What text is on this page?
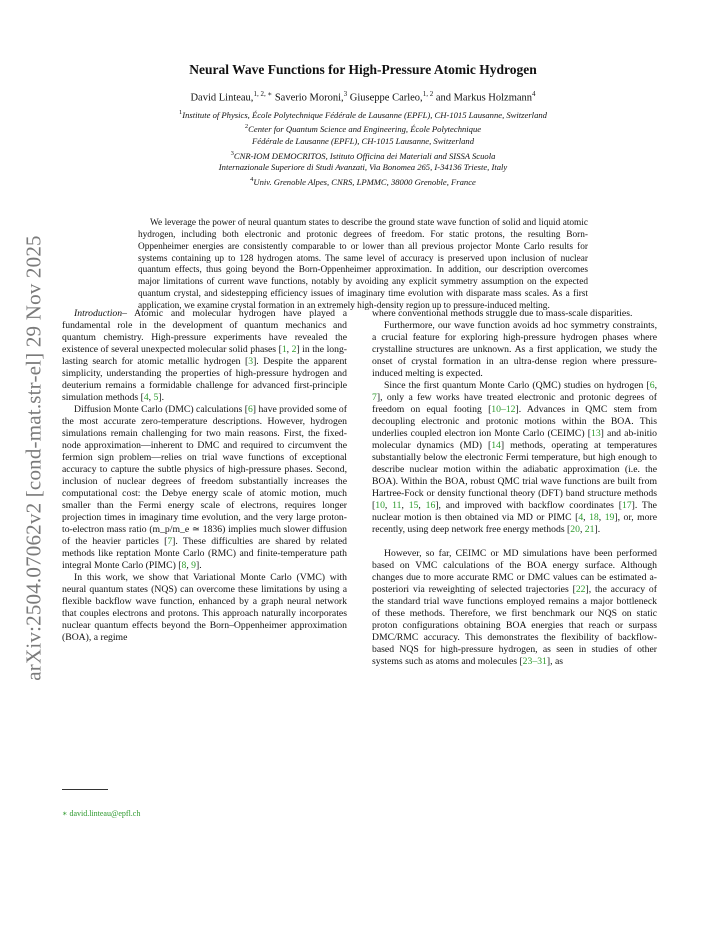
arXiv:2504.07062v2 [cond-mat.str-el] 29 Nov 2025
Neural Wave Functions for High-Pressure Atomic Hydrogen
David Linteau,$^{1, 2, ∗}$ Saverio Moroni,$^3$ Giuseppe Carleo,$^{1, 2}$ and Markus Holzmann$^4$
$^1$Institute of Physics, École Polytechnique Fédérale de Lausanne (EPFL), CH-1015 Lausanne, Switzerland
$^2$Center for Quantum Science and Engineering, École Polytechnique
Fédérale de Lausanne (EPFL), CH-1015 Lausanne, Switzerland
$^3$CNR-IOM DEMOCRITOS, Istituto Officina dei Materiali and SISSA Scuola
Internazionale Superiore di Studi Avanzati, Via Bonomea 265, I-34136 Trieste, Italy
$^4$Univ. Grenoble Alpes, CNRS, LPMMC, 38000 Grenoble, France
We leverage the power of neural quantum states to describe the ground state wave function of solid and liquid atomic hydrogen, including both electronic and protonic degrees of freedom. For static protons, the resulting Born-Oppenheimer energies are consistently comparable to or lower than all previous projector Monte Carlo results for systems containing up to 128 hydrogen atoms. The same level of accuracy is preserved upon inclusion of nuclear quantum effects, thus going beyond the Born-Oppenheimer approximation. In addition, our description overcomes major limitations of current wave functions, notably by avoiding any explicit symmetry assumption on the expected quantum crystal, and sidestepping efficiency issues of imaginary time evolution with disparate mass scales. As a first application, we examine crystal formation in an extremely high-density region up to pressure-induced melting.

Introduction– Atomic and molecular hydrogen have played a fundamental role in the development of quantum mechanics and quantum chemistry. High-pressure experiments have revealed the existence of several unexpected molecular solid phases [1, 2] in the long-lasting search for atomic metallic hydrogen [3]. Despite the apparent simplicity, understanding the properties of high-pressure hydrogen and deuterium remains a formidable challenge for advanced first-principle simulation methods [4, 5].

Diffusion Monte Carlo (DMC) calculations [6] have provided some of the most accurate zero-temperature descriptions. However, hydrogen simulations remain challenging for two main reasons. First, the fixed-node approximation—inherent to DMC and required to circumvent the fermion sign problem—relies on trial wave functions of exceptional accuracy to capture the subtle physics of high-pressure phases. Second, inclusion of nuclear degrees of freedom substantially increases the computational cost: the Debye energy scale of atomic motion, much smaller than the Fermi energy scale of electrons, requires longer projection times in imaginary time evolution, and the very large proton-to-electron mass ratio (m_p/m_e ≃ 1836) implies much slower diffusion of the heavier particles [7]. These difficulties are shared by related methods like reptation Monte Carlo (RMC) and finite-temperature path integral Monte Carlo (PIMC) [8, 9].

In this work, we show that Variational Monte Carlo (VMC) with neural quantum states (NQS) can overcome these limitations by using a flexible backflow wave function, enhanced by a graph neural network that couples electrons and protons. This approach naturally incorporates nuclear quantum effects beyond the Born–Oppenheimer approximation (BOA), a regime

where conventional methods struggle due to mass-scale disparities.

Furthermore, our wave function avoids ad hoc symmetry constraints, a crucial feature for exploring high-pressure hydrogen phases where crystalline structures are unknown. As a first application, we study the onset of crystal formation in an ultra-dense region where pressure-induced melting is expected.

Since the first quantum Monte Carlo (QMC) studies on hydrogen [6, 7], only a few works have treated electronic and protonic degrees of freedom on equal footing [10–12]. Advances in QMC stem from decoupling electronic and protonic motions within the BOA. This underlies coupled electron ion Monte Carlo (CEIMC) [13] and ab-initio molecular dynamics (MD) [14] methods, operating at temperatures substantially below the electronic Fermi temperature, but high enough to describe nuclear motion within the adiabatic approximation (i.e. the BOA). Within the BOA, robust QMC trial wave functions are built from Hartree-Fock or density functional theory (DFT) band structure methods [10, 11, 15, 16], and improved with backflow coordinates [17]. The nuclear motion is then obtained via MD or PIMC [4, 18, 19], or, more recently, using deep network free energy methods [20, 21].

However, so far, CEIMC or MD simulations have been performed based on VMC calculations of the BOA energy surface. Although changes due to more accurate RMC or DMC values can be estimated a-posteriori via reweighting of selected trajectories [22], the accuracy of the standard trial wave functions employed remains a major bottleneck of these methods. Therefore, we first benchmark our NQS on static proton configurations obtaining BOA energies that reach or surpass DMC/RMC accuracy. This demonstrates the flexibility of backflow-based NQS for high-pressure hydrogen, as seen in studies of other systems such as atoms and molecules [23–31], as

∗ david.linteau@epfl.ch
